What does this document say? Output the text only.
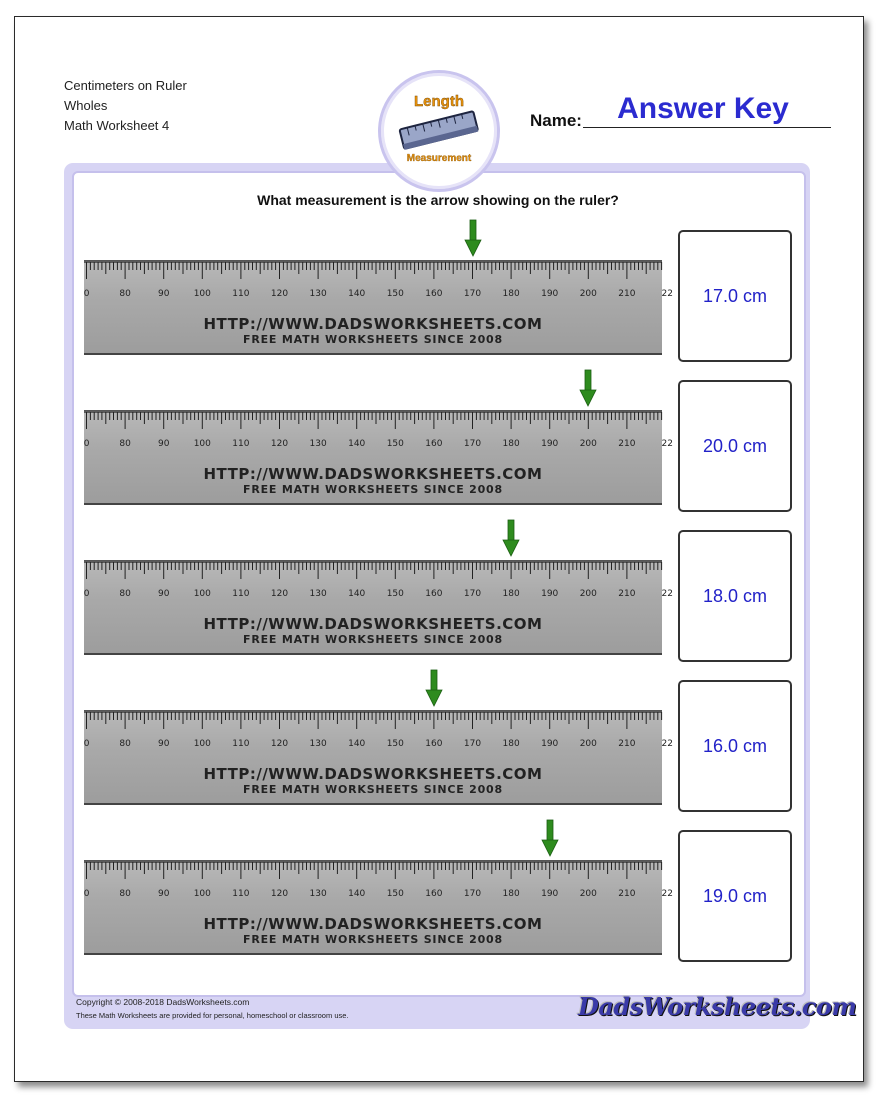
Centimeters on Ruler
Wholes
Math Worksheet 4
Length
Measurement
Name:	Answer Key
What measurement is the arrow showing on the ruler?
0	80	90	100 110 120 130 140 150 160 170 180 190 200 210	22
HTTP://WWW.DADSWORKSHEETS.COM
FREE MATH WORKSHEETS SINCE 2008
17.0 cm
0	80	90	100 110 120 130 140 150 160 170 180 190 200 210	22
HTTP://WWW.DADSWORKSHEETS.COM
FREE MATH WORKSHEETS SINCE 2008
20.0 cm
0	80	90	100 110 120 130 140 150 160 170 180 190 200 210	22
HTTP://WWW.DADSWORKSHEETS.COM
FREE MATH WORKSHEETS SINCE 2008
18.0 cm
0	80	90	100 110 120 130 140 150 160 170 180 190 200 210	22
HTTP://WWW.DADSWORKSHEETS.COM
FREE MATH WORKSHEETS SINCE 2008
16.0 cm
0	80	90	100 110 120 130 140 150 160 170 180 190 200 210	22
HTTP://WWW.DADSWORKSHEETS.COM
FREE MATH WORKSHEETS SINCE 2008
19.0 cm
Copyright © 2008-2018 DadsWorksheets.com
These Math Worksheets are provided for personal, homeschool or classroom use.	DadsWorksheets.com
